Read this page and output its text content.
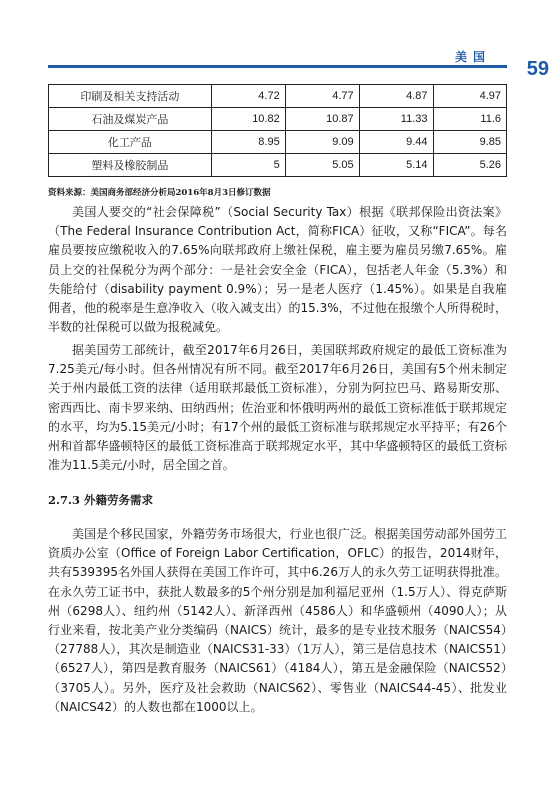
美国
59
印刷及相关支持活动	4.72	4.77	4.87	4.97
石油及煤炭产品	10.82	10.87	11.33	11.6
化工产品	8.95	9.09	9.44	9.85
塑料及橡胶制品	5	5.05	5.14	5.26
资料来源：美国商务部经济分析局2016年8月3日修订数据

美国人要交的“社会保障税”（Social Security Tax）根据《联邦保险出资法案》（The Federal Insurance Contribution Act，简称FICA）征收，又称“FICA”。每名雇员要按应缴税收入的7.65%向联邦政府上缴社保税，雇主要为雇员另缴7.65%。雇员上交的社保税分为两个部分：一是社会安全金（FICA），包括老人年金（5.3%）和失能给付（disability payment 0.9%）；另一是老人医疗（1.45%）。如果是自我雇佣者，他的税率是生意净收入（收入减支出）的15.3%，不过他在报缴个人所得税时，半数的社保税可以做为报税减免。

据美国劳工部统计，截至2017年6月26日，美国联邦政府规定的最低工资标准为7.25美元/每小时。但各州情况有所不同。截至2017年6月26日，美国有5个州未制定关于州内最低工资的法律（适用联邦最低工资标准），分别为阿拉巴马、路易斯安那、密西西比、南卡罗来纳、田纳西州；佐治亚和怀俄明两州的最低工资标准低于联邦规定的水平，均为5.15美元/小时；有17个州的最低工资标准与联邦规定水平持平；有26个州和首都华盛顿特区的最低工资标准高于联邦规定水平，其中华盛顿特区的最低工资标准为11.5美元/小时，居全国之首。

2.7.3 外籍劳务需求

美国是个移民国家，外籍劳务市场很大，行业也很广泛。根据美国劳动部外国劳工资质办公室（Office of Foreign Labor Certification，OFLC）的报告，2014财年，共有539395名外国人获得在美国工作许可，其中6.26万人的永久劳工证明获得批准。在永久劳工证书中，获批人数最多的5个州分别是加利福尼亚州（1.5万人）、得克萨斯州（6298人）、纽约州（5142人）、新泽西州（4586人）和华盛顿州（4090人）；从行业来看，按北美产业分类编码（NAICS）统计，最多的是专业技术服务（NAICS54）（27788人），其次是制造业（NAICS31-33）（1万人），第三是信息技术（NAICS51）（6527人），第四是教育服务（NAICS61）（4184人），第五是金融保险（NAICS52）（3705人）。另外，医疗及社会救助（NAICS62）、零售业（NAICS44-45）、批发业（NAICS42）的人数也都在1000以上。
